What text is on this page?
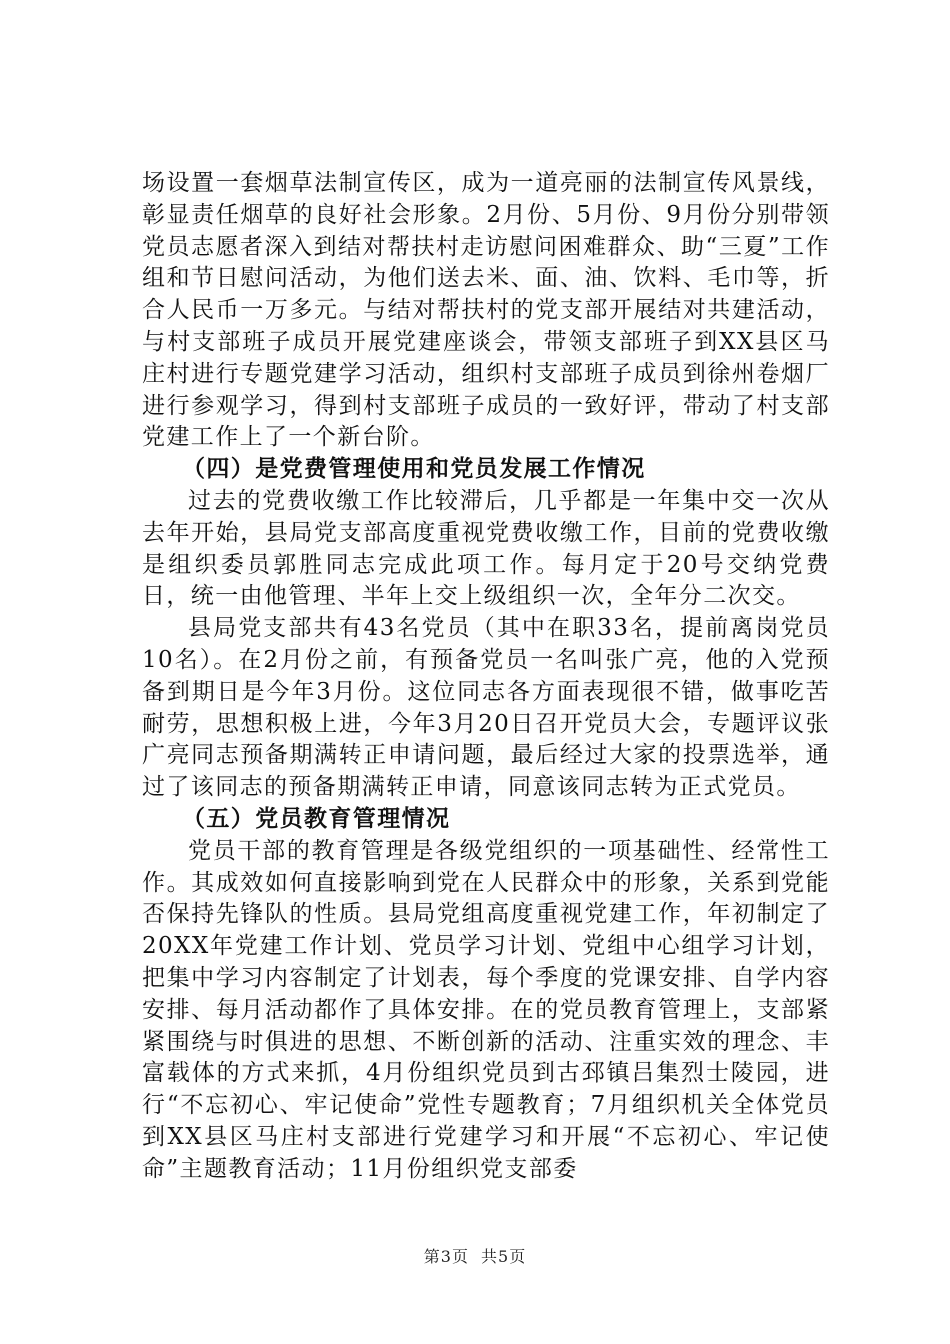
场设置一套烟草法制宣传区，成为一道亮丽的法制宣传风景线，彰显责任烟草的良好社会形象。2月份、5月份、9月份分别带领党员志愿者深入到结对帮扶村走访慰问困难群众、助“三夏”工作组和节日慰问活动，为他们送去米、面、油、饮料、毛巾等，折合人民币一万多元。与结对帮扶村的党支部开展结对共建活动，与村支部班子成员开展党建座谈会，带领支部班子到XX县区马庄村进行专题党建学习活动，组织村支部班子成员到徐州卷烟厂进行参观学习，得到村支部班子成员的一致好评，带动了村支部党建工作上了一个新台阶。

（四）是党费管理使用和党员发展工作情况

过去的党费收缴工作比较滞后，几乎都是一年集中交一次从去年开始，县局党支部高度重视党费收缴工作，目前的党费收缴是组织委员郭胜同志完成此项工作。每月定于20号交纳党费日，统一由他管理、半年上交上级组织一次，全年分二次交。

县局党支部共有43名党员（其中在职33名，提前离岗党员10名）。在2月份之前，有预备党员一名叫张广亮，他的入党预备到期日是今年3月份。这位同志各方面表现很不错，做事吃苦耐劳，思想积极上进，今年3月20日召开党员大会，专题评议张广亮同志预备期满转正申请问题，最后经过大家的投票选举，通过了该同志的预备期满转正申请，同意该同志转为正式党员。

（五）党员教育管理情况

党员干部的教育管理是各级党组织的一项基础性、经常性工作。其成效如何直接影响到党在人民群众中的形象，关系到党能否保持先锋队的性质。县局党组高度重视党建工作，年初制定了20XX年党建工作计划、党员学习计划、党组中心组学习计划，把集中学习内容制定了计划表，每个季度的党课安排、自学内容安排、每月活动都作了具体安排。在的党员教育管理上，支部紧紧围绕与时俱进的思想、不断创新的活动、注重实效的理念、丰富载体的方式来抓，4月份组织党员到古邳镇吕集烈士陵园，进行“不忘初心、牢记使命”党性专题教育；7月组织机关全体党员到XX县区马庄村支部进行党建学习和开展“不忘初心、牢记使命”主题教育活动；11月份组织党支部委

第3页 共5页
